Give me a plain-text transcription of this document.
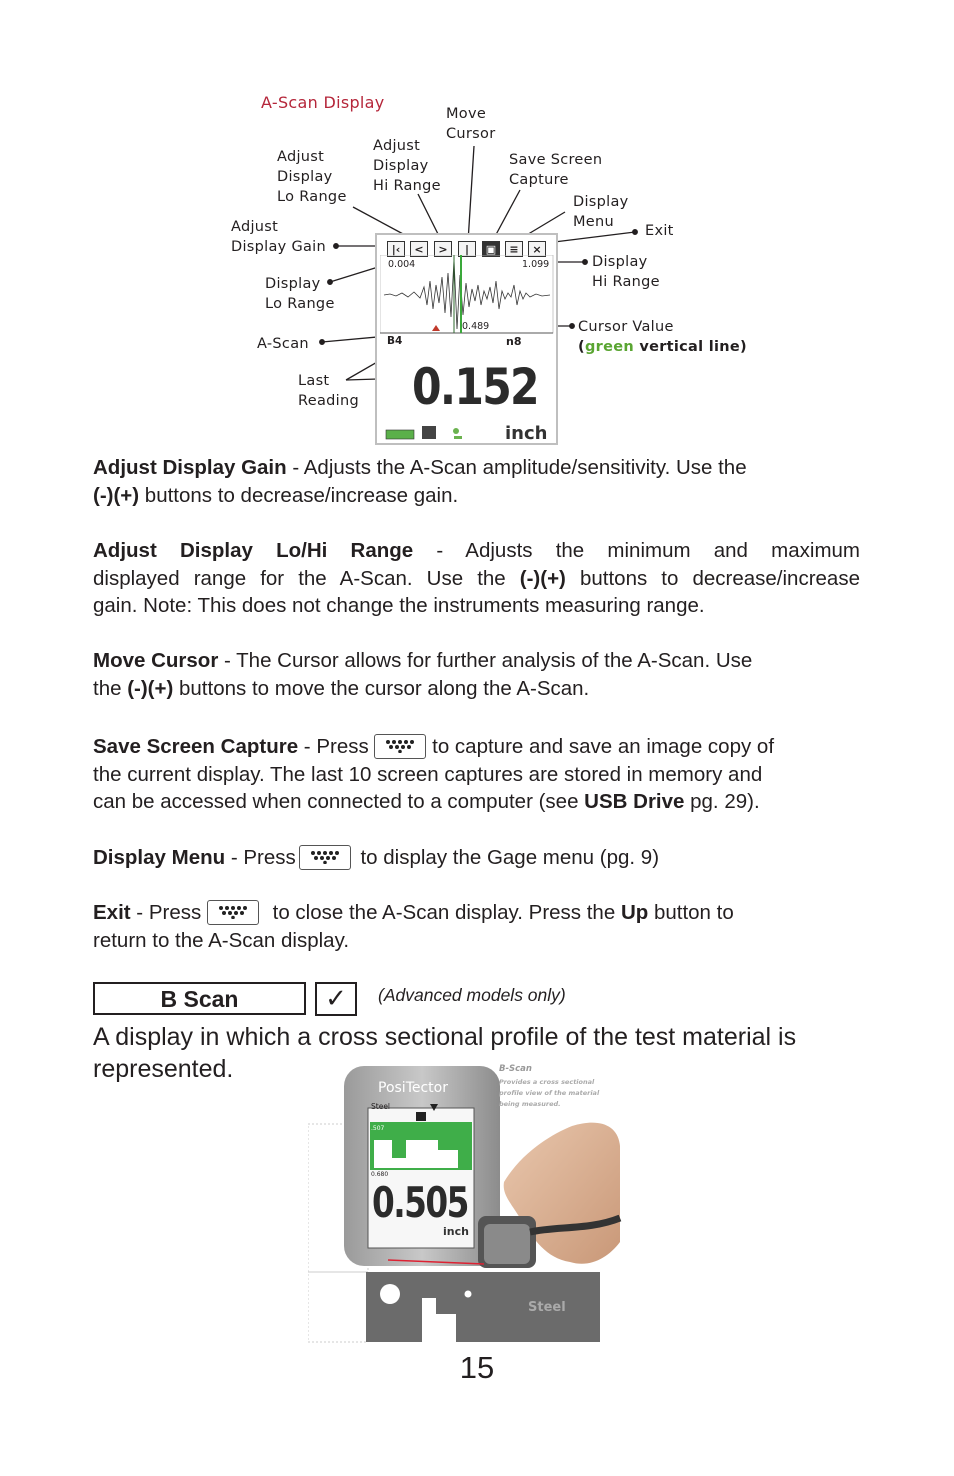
A-Scan Display
Move
Cursor
Adjust
Display
Hi Range
Adjust
Display
Lo Range
Save Screen
Capture
Display
Menu
Exit
Adjust
Display Gain
Display
Lo Range
Display
Hi Range
A-Scan
Cursor Value
(green vertical line)
Last
Reading
|‹	<	>	|	▣	≡	×
0.004	1.099
0.489
B4	n8
0.152
inch
Adjust Display Gain - Adjusts the A-Scan amplitude/sensitivity. Use the
(-)(+) buttons to decrease/increase gain.
Adjust Display Lo/Hi Range - Adjusts the minimum and maximum
displayed range for the A-Scan. Use the (-)(+) buttons to decrease/increase
gain. Note: This does not change the instruments measuring range.
Move Cursor - The Cursor allows for further analysis of the A-Scan. Use
the (-)(+) buttons to move the cursor along the A-Scan.
Save Screen Capture - Press	to capture and save an image copy of
the current display. The last 10 screen captures are stored in memory and
can be accessed when connected to a computer (see USB Drive pg. 29).
Display Menu - Press	to display the Gage menu (pg. 9)
Exit - Press	to close the A-Scan display. Press the Up button to
return to the A-Scan display.
B Scan	✓	(Advanced models only)
A display in which a cross sectional profile of the test material is represented.
PosiTector
Steel
.507
0.680
0.505
inch
B-Scan
Provides a cross sectional
profile view of the material
being measured.
Steel
15
